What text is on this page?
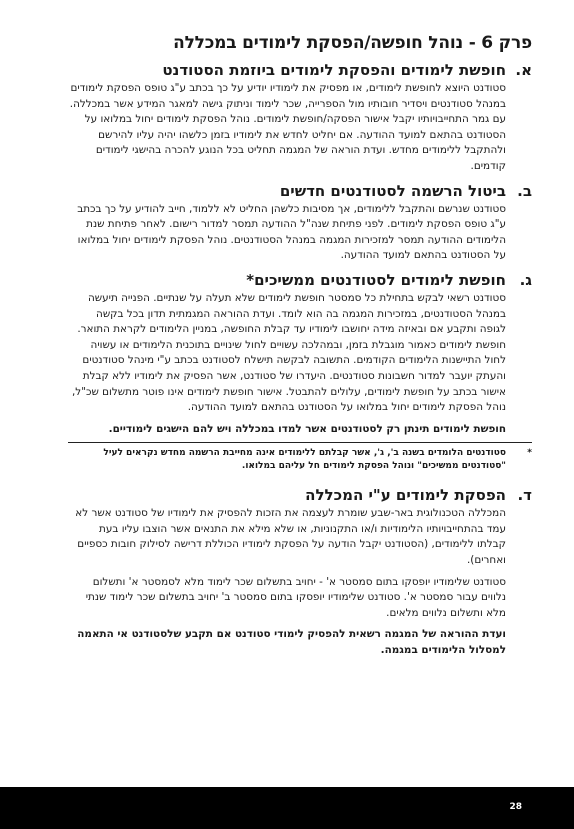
פרק 6 - נוהל חופשה/הפסקת לימודים במכללה
א.
חופשת לימודים והפסקת לימודים ביוזמת הסטודנט

סטודנט היוצא לחופשת לימודים, או מפסיק את לימודיו יודיע על כך בכתב ע"ג טופס הפסקת לימודים במנהל סטודנטים ויסדיר חובותיו מול הספרייה, שכר לימוד וניתוק גישה למאגר המידע אשר במכללה. עם גמר התחייבויותיו יקבל אישור הפסקה/חופשת לימודים. נוהל הפסקת לימודים יחול במלואו על הסטודנט בהתאם למועד ההודעה. אם יחליט לחדש את לימודיו בזמן כלשהו יהיה עליו להירשם ולהתקבל ללימודים מחדש. ועדת הוראה של המגמה תחליט בכל הנוגע להכרה בהישגי לימודים קודמים.

ב.
ביטול הרשמה לסטודנטים חדשים

סטודנט שנרשם והתקבל ללימודים, אך מסיבות כלשהן החליט לא ללמוד, חייב להודיע על כך בכתב ע"ג טופס הפסקת לימודים. לפני פתיחת שנה"ל ההודעה תמסר למדור רישום. לאחר פתיחת שנת הלימודים ההודעה תמסר למזכירות המגמה במנהל הסטודנטים. נוהל הפסקת לימודים יחול במלואו על הסטודנט בהתאם למועד ההודעה.

ג.
חופשת לימודים לסטודנטים ממשיכים*

סטודנט רשאי לבקש בתחילת כל סמסטר חופשת לימודים שלא תעלה על שנתיים. הפנייה תיעשה במנהל הסטודנטים, במזכירות המגמה בה הוא לומד. ועדת ההוראה המגמתית תדון בכל בקשה לגופה ותקבע אם ובאיזה מידה יחושבו לימודיו עד קבלת החופשה, במניין הלימודים לקראת התואר. חופשת לימודים כאמור מוגבלת בזמן, ובמהלכה עשויים לחול שינויים בתוכנית הלימודים או עשויה לחול התיישנות הלימודים הקודמים. התשובה לבקשה תישלח לסטודנט בכתב ע"י מינהל סטודנטים והעתק יועבר למדור חשבונות סטודנטים. היעדרו של סטודנט, אשר הפסיק את לימודיו ללא קבלת אישור בכתב על חופשת לימודים, עלולים להתבטל. אישור חופשת לימודים אינו פוטר מתשלום שכ"ל, נוהל הפסקת לימודים יחול במלואו על הסטודנט בהתאם למועד ההודעה.

חופשת לימודים תינתן רק לסטודנטים אשר למדו במכללה ויש להם הישגים לימודיים.

*
סטודנטים הלומדים בשנה ב', ג', אשר קבלתם ללימודים אינה מחייבת הרשמה מחדש נקראים לעיל "סטודנטים ממשיכים" ונוהל הפסקת לימודים חל עליהם במלואו.
ד.
הפסקת לימודים ע"י המכללה

המכללה הטכנולוגית באר-שבע שומרת לעצמה את הזכות להפסיק את לימודיו של סטודנט אשר לא עמד בהתחייבויותיו הלימודיות ו/או התקנוניות, או שלא מילא את התנאים אשר הוצבו עליו בעת קבלתו ללימודים, (הסטודנט יקבל הודעה על הפסקת לימודיו הכוללת דרישה לסילוק חובות כספיים ואחרים).

סטודנט שלימודיו יופסקו בתום סמסטר א' - יחויב בתשלום שכר לימוד מלא לסמסטר א' ותשלום נלווים עבור סמסטר א'. סטודנט שלימודיו יופסקו בתום סמסטר ב' יחויב בתשלום שכר לימוד שנתי מלא ותשלום נלווים מלאים.

ועדת ההוראה של המגמה רשאית להפסיק לימודי סטודנט אם תקבע שלסטודנט אי התאמה למסלול הלימודים במגמה.

28
